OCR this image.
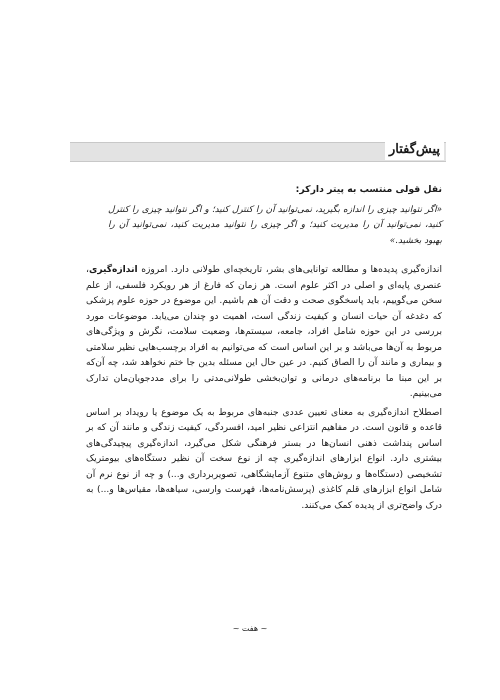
پیش‌گفتار

نقل قولی منتسب به پیتر دارکر:

«اگر نتوانید چیزی را اندازه بگیرید، نمی‌توانید آن را کنترل کنید؛ و اگر نتوانید چیزی را کنترل کنید، نمی‌توانید آن را مدیریت کنید؛ و اگر چیزی را نتوانید مدیریت کنید، نمی‌توانید آن را بهبود بخشید.»

اندازه‌گیری پدیده‌ها و مطالعه توانایی‌های بشر، تاریخچه‌ای طولانی دارد. امروزه اندازه‌گیری، عنصری پایه‌ای و اصلی در اکثر علوم است. هر زمان که فارغ از هر رویکرد فلسفی، از علم سخن می‌گوییم، باید پاسخگوی صحت و دقت آن هم باشیم. این موضوع در حوزه علوم پزشکی که دغدغه آن حیات انسان و کیفیت زندگی است، اهمیت دو چندان می‌یابد. موضوعات مورد بررسی در این حوزه شامل افراد، جامعه، سیستم‌ها، وضعیت سلامت، نگرش و ویژگی‌های مربوط به آن‌ها می‌باشد و بر این اساس است که می‌توانیم به افراد برچسب‌هایی نظیر سلامتی و بیماری و مانند آن را الصاق کنیم. در عین حال این مسئله بدین جا ختم نخواهد شد، چه آن‌که بر این مبنا ما برنامه‌های درمانی و توان‌بخشی طولانی‌مدتی را برای مددجویان‌مان تدارک می‌بینیم.

اصطلاح اندازه‌گیری به معنای تعیین عددی جنبه‌های مربوط به یک موضوع یا رویداد بر اساس قاعده و قانون است. در مفاهیم انتزاعی نظیر امید، افسردگی، کیفیت زندگی و مانند آن که بر اساس پنداشت ذهنی انسان‌ها در بستر فرهنگی شکل می‌گیرد، اندازه‌گیری پیچیدگی‌های بیشتری دارد. انواع ابزارهای اندازه‌گیری چه از نوع سخت آن نظیر دستگاه‌های بیومتریک تشخیصی (دستگاه‌ها و روش‌های متنوع آزمایشگاهی، تصویربرداری و...) و چه از نوع نرم آن شامل انواع ابزارهای قلم کاغذی (پرسش‌نامه‌ها، فهرست وارسی، سیاهه‌ها، مقیاس‌ها و...) به درک واضح‌تری از پدیده کمک می‌کنند.

~ هفت ~
